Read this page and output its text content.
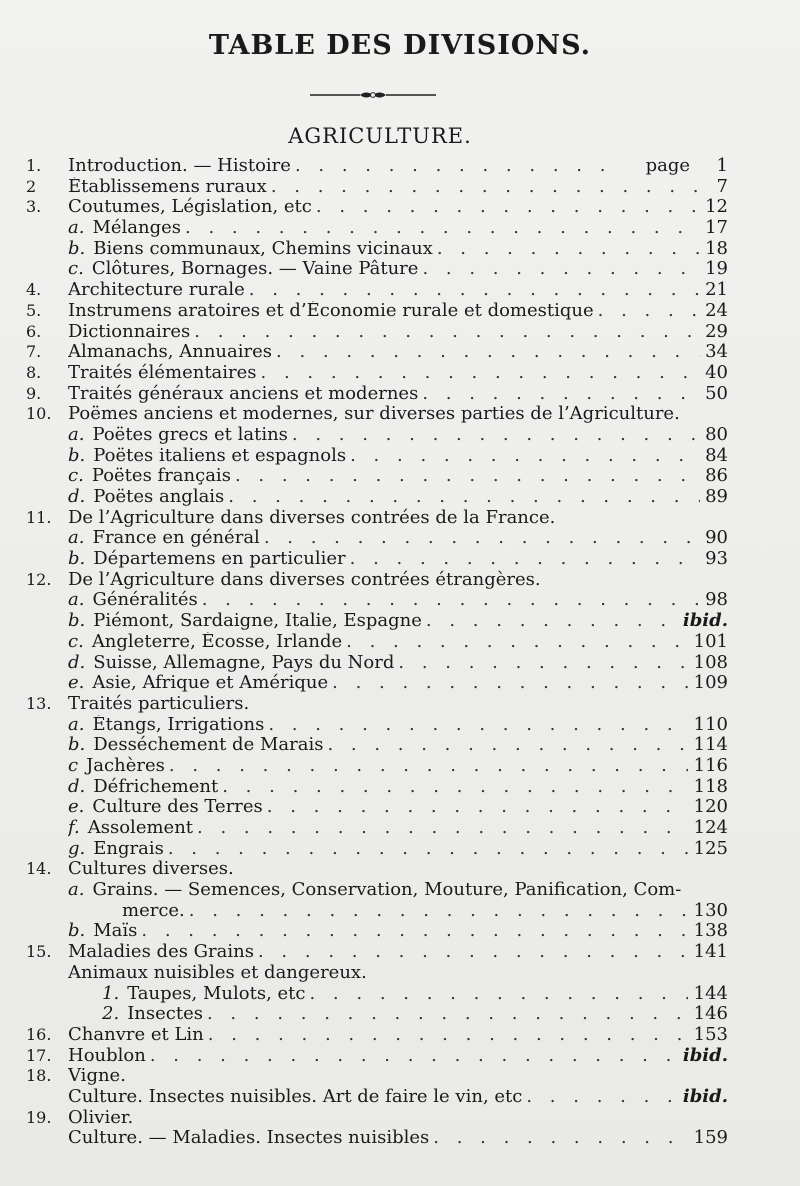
TABLE DES DIVISIONS.
AGRICULTURE.
1.	Introduction. — Histoire . . .	page	1
2	Établissemens ruraux . . .	7
3.	Coutumes, Législation, etc . . .	12
a. Mélanges . . .	17
b. Biens communaux, Chemins vicinaux . . .	18
c. Clôtures, Bornages. — Vaine Pâture . . .	19
4.	Architecture rurale . . .	21
5.	Instrumens aratoires et d’Économie rurale et domestique . . .	24
6.	Dictionnaires . . .	29
7.	Almanachs, Annuaires . . .	34
8.	Traités élémentaires . . .	40
9.	Traités généraux anciens et modernes . . .	50
10. Poëmes anciens et modernes, sur diverses parties de l’Agriculture.
a. Poëtes grecs et latins . . .	80
b. Poëtes italiens et espagnols . . .	84
c. Poëtes français . . .	86
d. Poëtes anglais . . .	89
11. De l’Agriculture dans diverses contrées de la France.
a. France en général . . .	90
b. Départemens en particulier . . .	93
12. De l’Agriculture dans diverses contrées étrangères.
a. Généralités . . .	98
b. Piémont, Sardaigne, Italie, Espagne . . .	ibid.
c. Angleterre, Écosse, Irlande . . .	101
d. Suisse, Allemagne, Pays du Nord . . .	108
e. Asie, Afrique et Amérique . . .	109
13. Traités particuliers.
a. Étangs, Irrigations . . .	110
b. Desséchement de Marais . . .	114
c Jachères . . .	116
d. Défrichement . . .	118
e. Culture des Terres . . .	120
f. Assolement . . .	124
g. Engrais . . .	125
14. Cultures diverses.
a. Grains. — Semences, Conservation, Mouture, Panification, Com-
merce. . . .	130
b. Maïs . . .	138
15. Maladies des Grains . . .	141
Animaux nuisibles et dangereux.
1. Taupes, Mulots, etc . . .	144
2. Insectes . . .	146
16. Chanvre et Lin . . .	153
17. Houblon . . .	ibid.
18. Vigne.
Culture. Insectes nuisibles. Art de faire le vin, etc . . .	ibid.
19. Olivier.
Culture. — Maladies. Insectes nuisibles . . .	159
